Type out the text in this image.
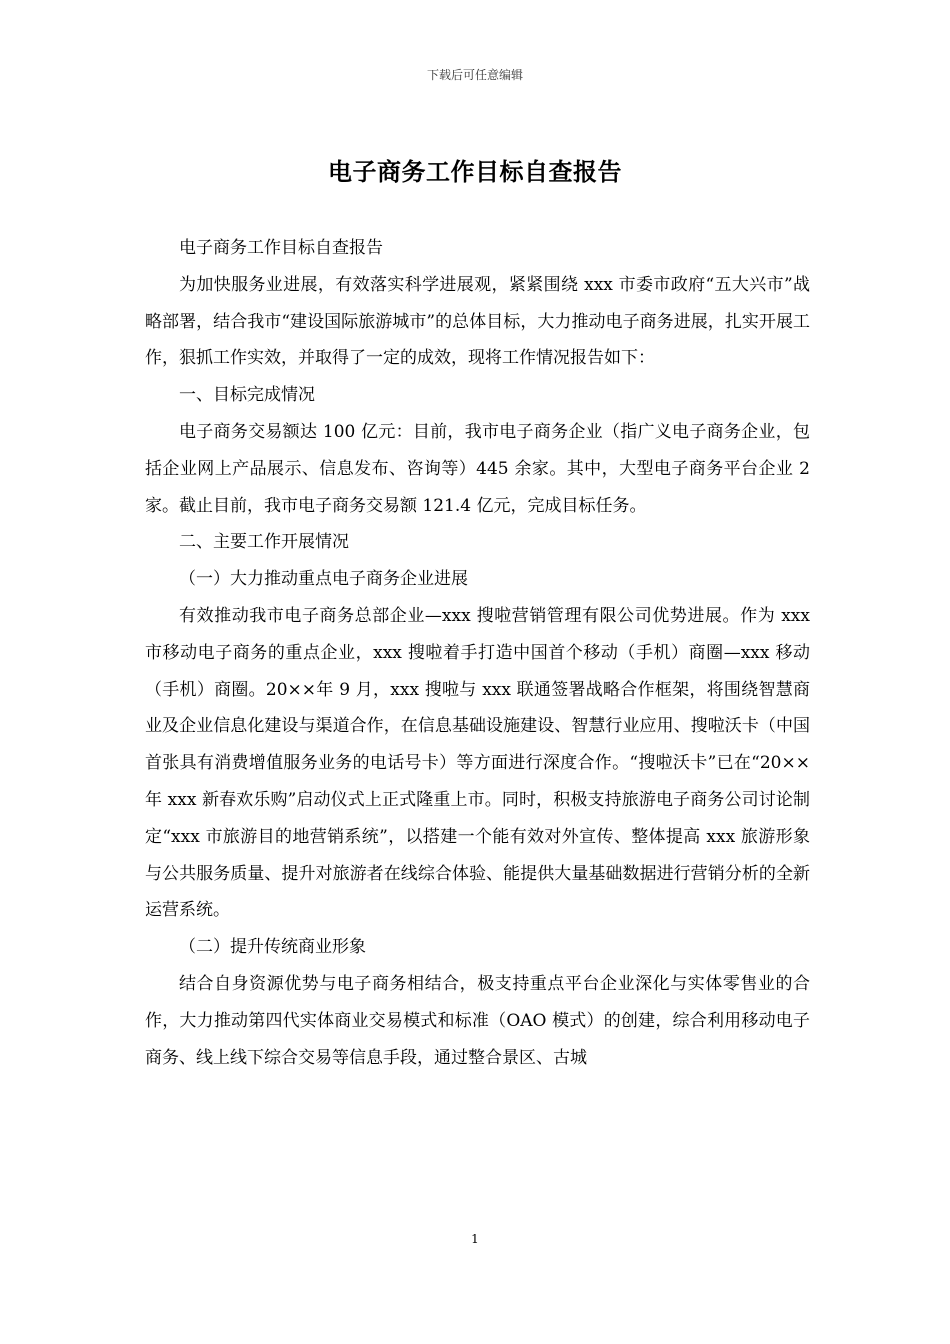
下载后可任意编辑
电子商务工作目标自查报告

电子商务工作目标自查报告

为加快服务业进展，有效落实科学进展观，紧紧围绕 xxx 市委市政府“五大兴市”战略部署，结合我市“建设国际旅游城市”的总体目标，大力推动电子商务进展，扎实开展工作，狠抓工作实效，并取得了一定的成效，现将工作情况报告如下：

一、目标完成情况

电子商务交易额达 100 亿元：目前，我市电子商务企业（指广义电子商务企业，包括企业网上产品展示、信息发布、咨询等）445 余家。其中，大型电子商务平台企业 2 家。截止目前，我市电子商务交易额 121.4 亿元，完成目标任务。

二、主要工作开展情况

（一）大力推动重点电子商务企业进展

有效推动我市电子商务总部企业—xxx 搜啦营销管理有限公司优势进展。作为 xxx 市移动电子商务的重点企业，xxx 搜啦着手打造中国首个移动（手机）商圈—xxx 移动（手机）商圈。20××年 9 月，xxx 搜啦与 xxx 联通签署战略合作框架，将围绕智慧商业及企业信息化建设与渠道合作，在信息基础设施建设、智慧行业应用、搜啦沃卡（中国首张具有消费增值服务业务的电话号卡）等方面进行深度合作。“搜啦沃卡”已在“20××年 xxx 新春欢乐购”启动仪式上正式隆重上市。同时，积极支持旅游电子商务公司讨论制定“xxx 市旅游目的地营销系统”，以搭建一个能有效对外宣传、整体提高 xxx 旅游形象与公共服务质量、提升对旅游者在线综合体验、能提供大量基础数据进行营销分析的全新运营系统。

（二）提升传统商业形象

结合自身资源优势与电子商务相结合，极支持重点平台企业深化与实体零售业的合作，大力推动第四代实体商业交易模式和标准（OAO 模式）的创建，综合利用移动电子商务、线上线下综合交易等信息手段，通过整合景区、古城

1
